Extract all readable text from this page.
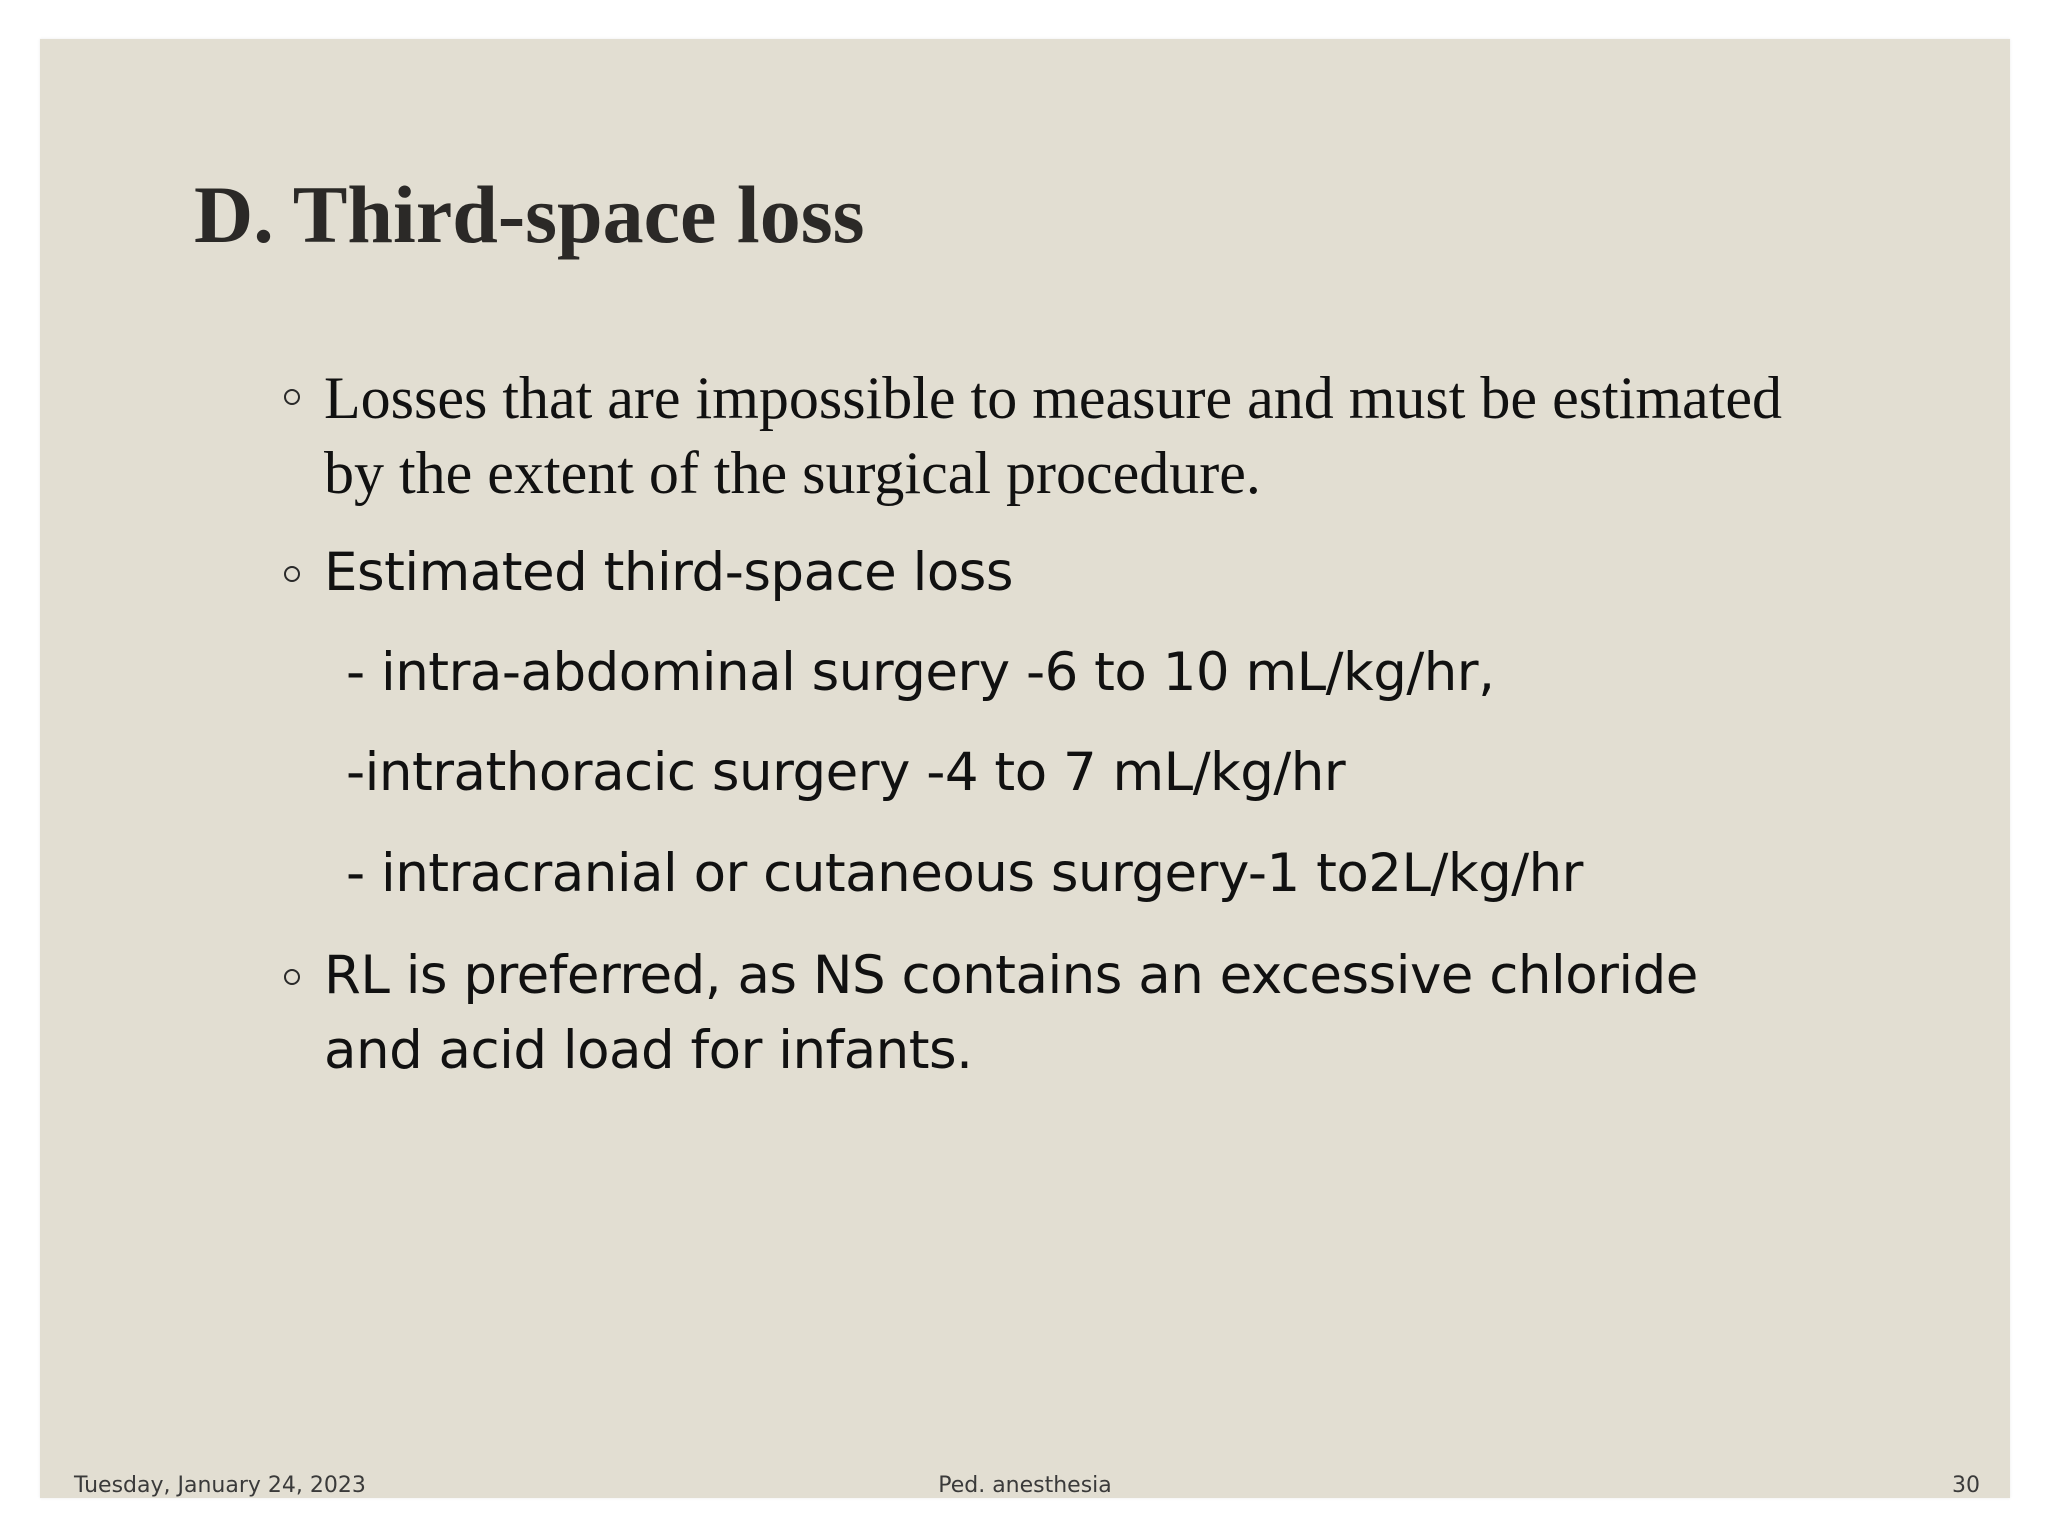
D. Third-space loss

Losses that are impossible to measure and must be estimated

by the extent of the surgical procedure.

Estimated third-space loss

- intra-abdominal surgery -6 to 10 mL/kg/hr,

-intrathoracic surgery -4 to 7 mL/kg/hr

- intracranial or cutaneous surgery-1 to2L/kg/hr

RL is preferred, as NS contains an excessive chloride

and acid load for infants.

Tuesday, January 24, 2023	Ped. anesthesia	30
